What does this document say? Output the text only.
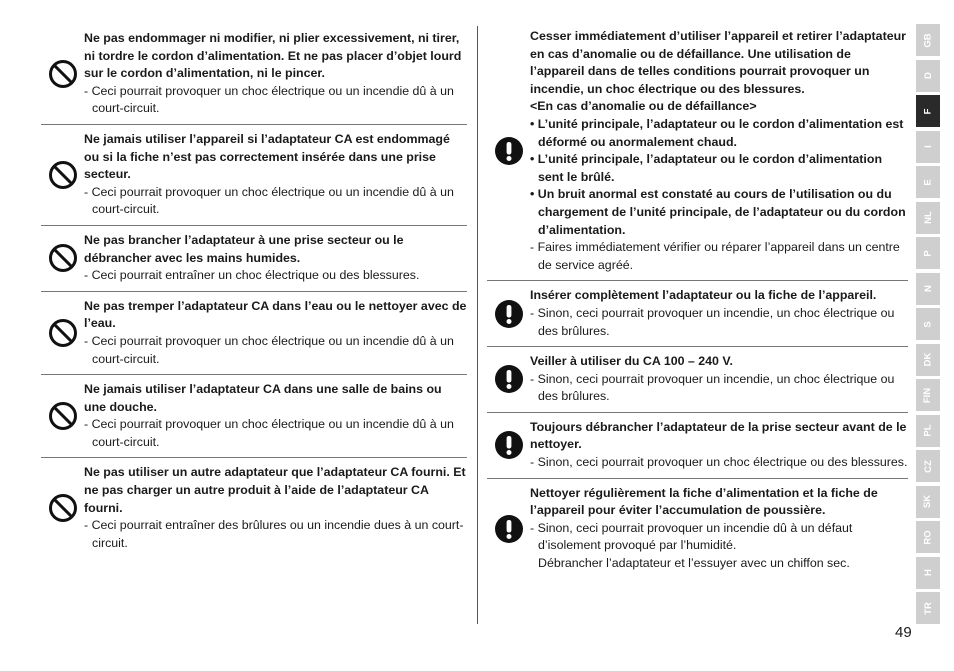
Ne pas endommager ni modifier, ni plier excessivement, ni tirer, ni tordre le cordon d’alimentation. Et ne pas placer d’objet lourd sur le cordon d’alimentation, ni le pincer.
- Ceci pourrait provoquer un choc électrique ou un incendie dû à un court-circuit.
Ne jamais utiliser l’appareil si l’adaptateur CA est endommagé ou si la fiche n’est pas correctement insérée dans une prise secteur.
- Ceci pourrait provoquer un choc électrique ou un incendie dû à un court-circuit.
Ne pas brancher l’adaptateur à une prise secteur ou le débrancher avec les mains humides.
- Ceci pourrait entraîner un choc électrique ou des blessures.
Ne pas tremper l’adaptateur CA dans l’eau ou le nettoyer avec de l’eau.
- Ceci pourrait provoquer un choc électrique ou un incendie dû à un court-circuit.
Ne jamais utiliser l’adaptateur CA dans une salle de bains ou une douche.
- Ceci pourrait provoquer un choc électrique ou un incendie dû à un court-circuit.
Ne pas utiliser un autre adaptateur que l’adaptateur CA fourni. Et ne pas charger un autre produit à l’aide de l’adaptateur CA fourni.
- Ceci pourrait entraîner des brûlures ou un incendie dues à un court-circuit.
Cesser immédiatement d’utiliser l’appareil et retirer l’adaptateur en cas d’anomalie ou de défaillance. Une utilisation de l’appareil dans de telles conditions pourrait provoquer un incendie, un choc électrique ou des blessures.
<En cas d’anomalie ou de défaillance>
• L’unité principale, l’adaptateur ou le cordon d’alimentation est déformé ou anormalement chaud.
• L’unité principale, l’adaptateur ou le cordon d’alimentation sent le brûlé.
• Un bruit anormal est constaté au cours de l’utilisation ou du chargement de l’unité principale, de l’adaptateur ou du cordon d’alimentation.
- Faires immédiatement vérifier ou réparer l’appareil dans un centre de service agréé.
Insérer complètement l’adaptateur ou la fiche de l’appareil.
- Sinon, ceci pourrait provoquer un incendie, un choc électrique ou des brûlures.
Veiller à utiliser du CA 100 – 240 V.
- Sinon, ceci pourrait provoquer un incendie, un choc électrique ou des brûlures.
Toujours débrancher l’adaptateur de la prise secteur avant de le nettoyer.
- Sinon, ceci pourrait provoquer un choc électrique ou des blessures.
Nettoyer régulièrement la fiche d’alimentation et la fiche de l’appareil pour éviter l’accumulation de poussière.
- Sinon, ceci pourrait provoquer un incendie dû à un défaut d’isolement provoqué par l’humidité.
Débrancher l’adaptateur et l’essuyer avec un chiffon sec.
GB
D
F
I
E
NL
P
N
S
DK
FIN
PL
CZ
SK
RO
H
TR
49
